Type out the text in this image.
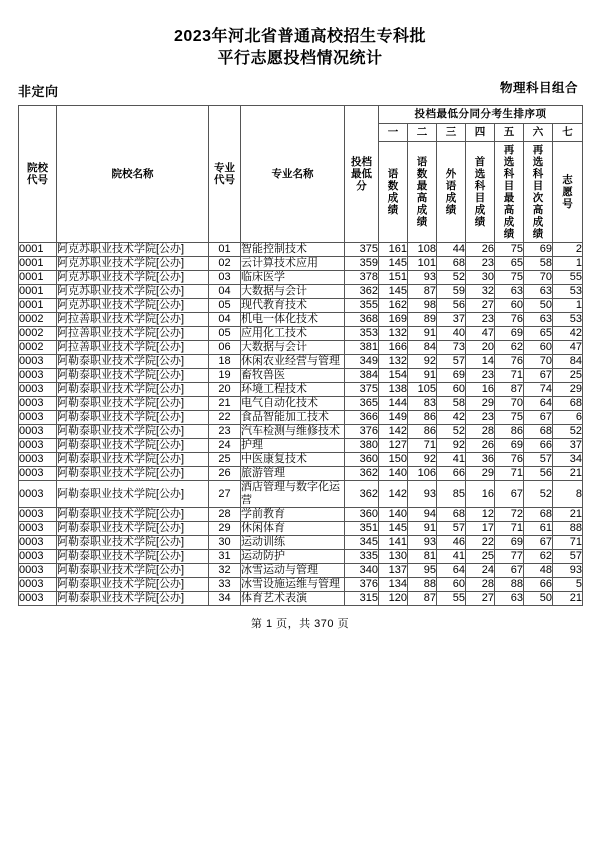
2023年河北省普通高校招生专科批
平行志愿投档情况统计
物理科目组合
非定向
院校代号	院校名称	专业代号	专业名称	投档最低分	投档最低分同分考生排序项						
					一	二	三	四	五	六	七

					语数成绩	语数最高成绩	外语成绩	首选科目成绩	再选科目最高成绩	再选科目次高成绩	志愿号

0001	阿克苏职业技术学院[公办]	01	智能控制技术	375	161	108	44	26	75	69	2
0001	阿克苏职业技术学院[公办]	02	云计算技术应用	359	145	101	68	23	65	58	1
0001	阿克苏职业技术学院[公办]	03	临床医学	378	151	93	52	30	75	70	55
0001	阿克苏职业技术学院[公办]	04	大数据与会计	362	145	87	59	32	63	63	53
0001	阿克苏职业技术学院[公办]	05	现代教育技术	355	162	98	56	27	60	50	1
0002	阿拉善职业技术学院[公办]	04	机电一体化技术	368	169	89	37	23	76	63	53
0002	阿拉善职业技术学院[公办]	05	应用化工技术	353	132	91	40	47	69	65	42
0002	阿拉善职业技术学院[公办]	06	大数据与会计	381	166	84	73	20	62	60	47
0003	阿勒泰职业技术学院[公办]	18	休闲农业经营与管理	349	132	92	57	14	76	70	84
0003	阿勒泰职业技术学院[公办]	19	畜牧兽医	384	154	91	69	23	71	67	25
0003	阿勒泰职业技术学院[公办]	20	环境工程技术	375	138	105	60	16	87	74	29
0003	阿勒泰职业技术学院[公办]	21	电气自动化技术	365	144	83	58	29	70	64	68
0003	阿勒泰职业技术学院[公办]	22	食品智能加工技术	366	149	86	42	23	75	67	6
0003	阿勒泰职业技术学院[公办]	23	汽车检测与维修技术	376	142	86	52	28	86	68	52
0003	阿勒泰职业技术学院[公办]	24	护理	380	127	71	92	26	69	66	37
0003	阿勒泰职业技术学院[公办]	25	中医康复技术	360	150	92	41	36	76	57	34
0003	阿勒泰职业技术学院[公办]	26	旅游管理	362	140	106	66	29	71	56	21
0003	阿勒泰职业技术学院[公办]	27	酒店管理与数字化运营	362	142	93	85	16	67	52	8
0003	阿勒泰职业技术学院[公办]	28	学前教育	360	140	94	68	12	72	68	21
0003	阿勒泰职业技术学院[公办]	29	休闲体育	351	145	91	57	17	71	61	88
0003	阿勒泰职业技术学院[公办]	30	运动训练	345	141	93	46	22	69	67	71
0003	阿勒泰职业技术学院[公办]	31	运动防护	335	130	81	41	25	77	62	57
0003	阿勒泰职业技术学院[公办]	32	冰雪运动与管理	340	137	95	64	24	67	48	93
0003	阿勒泰职业技术学院[公办]	33	冰雪设施运维与管理	376	134	88	60	28	88	66	5
0003	阿勒泰职业技术学院[公办]	34	体育艺术表演	315	120	87	55	27	63	50	21
第 1 页，共 370 页
